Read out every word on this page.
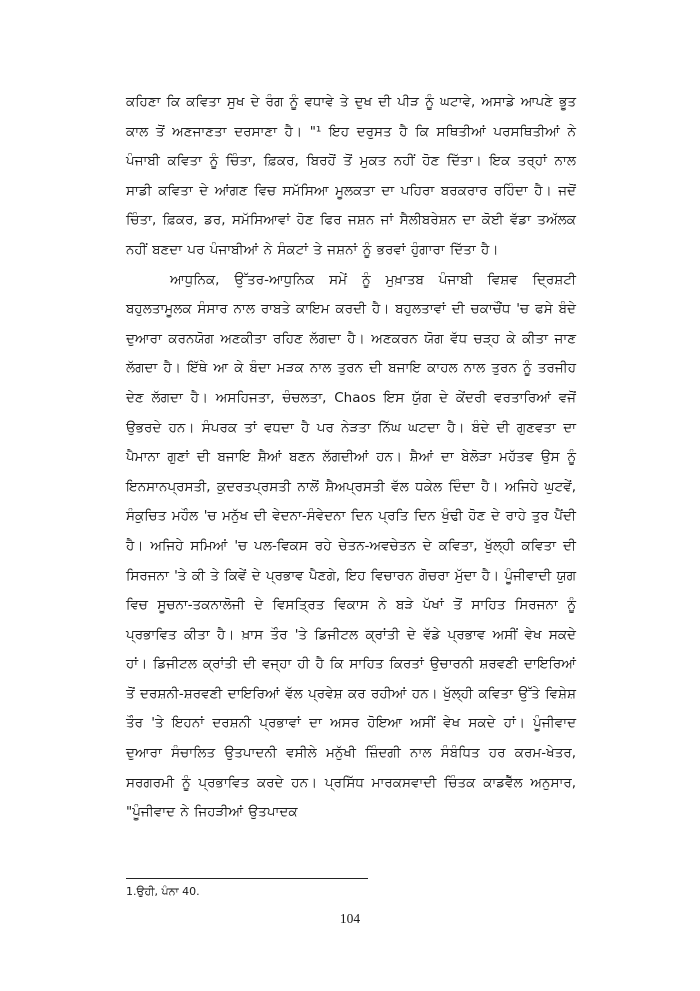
ਕਹਿਣਾ ਕਿ ਕਵਿਤਾ ਸੁਖ ਦੇ ਰੰਗ ਨੂੰ ਵਧਾਵੇ ਤੇ ਦੁਖ ਦੀ ਪੀੜ ਨੂੰ ਘਟਾਵੇ, ਅਸਾਡੇ ਆਪਣੇ ਭੂਤ ਕਾਲ ਤੋਂ ਅਣਜਾਣਤਾ ਦਰਸਾਣਾ ਹੈ। "¹ ਇਹ ਦਰੁਸਤ ਹੈ ਕਿ ਸਥਿਤੀਆਂ ਪਰਸਥਿਤੀਆਂ ਨੇ ਪੰਜਾਬੀ ਕਵਿਤਾ ਨੂੰ ਚਿੰਤਾ, ਫ਼ਿਕਰ, ਬਿਰਹੋਂ ਤੋਂ ਮੁਕਤ ਨਹੀਂ ਹੋਣ ਦਿੱਤਾ। ਇਕ ਤਰ੍ਹਾਂ ਨਾਲ ਸਾਡੀ ਕਵਿਤਾ ਦੇ ਆਂਗਣ ਵਿਚ ਸਮੱਸਿਆ ਮੂਲਕਤਾ ਦਾ ਪਹਿਰਾ ਬਰਕਰਾਰ ਰਹਿੰਦਾ ਹੈ। ਜਦੋਂ ਚਿੰਤਾ, ਫ਼ਿਕਰ, ਡਰ, ਸਮੱਸਿਆਵਾਂ ਹੋਣ ਫਿਰ ਜਸ਼ਨ ਜਾਂ ਸੈਲੀਬਰੇਸ਼ਨ ਦਾ ਕੋਈ ਵੱਡਾ ਤਅੱਲਕ ਨਹੀਂ ਬਣਦਾ ਪਰ ਪੰਜਾਬੀਆਂ ਨੇ ਸੰਕਟਾਂ ਤੇ ਜਸ਼ਨਾਂ ਨੂੰ ਭਰਵਾਂ ਹੁੰਗਾਰਾ ਦਿੱਤਾ ਹੈ।

ਆਧੁਨਿਕ, ਉੱਤਰ-ਆਧੁਨਿਕ ਸਮੇਂ ਨੂੰ ਮੁਖ਼ਾਤਬ ਪੰਜਾਬੀ ਵਿਸ਼ਵ ਦ੍ਰਿਸ਼ਟੀ ਬਹੁਲਤਾਮੂਲਕ ਸੰਸਾਰ ਨਾਲ ਰਾਬਤੇ ਕਾਇਮ ਕਰਦੀ ਹੈ। ਬਹੁਲਤਾਵਾਂ ਦੀ ਚਕਾਚੌਂਧ 'ਚ ਫਸੇ ਬੰਦੇ ਦੁਆਰਾ ਕਰਨਯੋਗ ਅਣਕੀਤਾ ਰਹਿਣ ਲੱਗਦਾ ਹੈ। ਅਣਕਰਨ ਯੋਗ ਵੱਧ ਚੜ੍ਹ ਕੇ ਕੀਤਾ ਜਾਣ ਲੱਗਦਾ ਹੈ। ਇੱਥੇ ਆ ਕੇ ਬੰਦਾ ਮੜਕ ਨਾਲ ਤੁਰਨ ਦੀ ਬਜਾਇ ਕਾਹਲ ਨਾਲ ਤੁਰਨ ਨੂੰ ਤਰਜੀਹ ਦੇਣ ਲੱਗਦਾ ਹੈ। ਅਸਹਿਜਤਾ, ਚੰਚਲਤਾ, Chaos ਇਸ ਯੁੱਗ ਦੇ ਕੇਂਦਰੀ ਵਰਤਾਰਿਆਂ ਵਜੋਂ ਉਭਰਦੇ ਹਨ। ਸੰਪਰਕ ਤਾਂ ਵਧਦਾ ਹੈ ਪਰ ਨੇੜਤਾ ਨਿੱਘ ਘਟਦਾ ਹੈ। ਬੰਦੇ ਦੀ ਗੁਣਵਤਾ ਦਾ ਪੈਮਾਨਾ ਗੁਣਾਂ ਦੀ ਬਜਾਇ ਸ਼ੈਆਂ ਬਣਨ ਲੱਗਦੀਆਂ ਹਨ। ਸ਼ੈਆਂ ਦਾ ਬੇਲੋੜਾ ਮਹੱਤਵ ਉਸ ਨੂੰ ਇਨਸਾਨਪ੍ਰਸਤੀ, ਕੁਦਰਤਪ੍ਰਸਤੀ ਨਾਲੋਂ ਸ਼ੈਅਪ੍ਰਸਤੀ ਵੱਲ ਧਕੇਲ ਦਿੰਦਾ ਹੈ। ਅਜਿਹੇ ਘੁਟਵੇਂ, ਸੰਕੁਚਿਤ ਮਹੌਲ 'ਚ ਮਨੁੱਖ ਦੀ ਵੇਦਨਾ-ਸੰਵੇਦਨਾ ਦਿਨ ਪ੍ਰਤਿ ਦਿਨ ਖੁੰਢੀ ਹੋਣ ਦੇ ਰਾਹੇ ਤੁਰ ਪੈਂਦੀ ਹੈ। ਅਜਿਹੇ ਸਮਿਆਂ 'ਚ ਪਲ-ਵਿਕਸ ਰਹੇ ਚੇਤਨ-ਅਵਚੇਤਨ ਦੇ ਕਵਿਤਾ, ਖੁੱਲ੍ਹੀ ਕਵਿਤਾ ਦੀ ਸਿਰਜਨਾ 'ਤੇ ਕੀ ਤੇ ਕਿਵੇਂ ਦੇ ਪ੍ਰਭਾਵ ਪੈਣਗੇ, ਇਹ ਵਿਚਾਰਨ ਗੋਚਰਾ ਮੁੱਦਾ ਹੈ। ਪੂੰਜੀਵਾਦੀ ਯੁਗ ਵਿਚ ਸੂਚਨਾ-ਤਕਨਾਲੋਜੀ ਦੇ ਵਿਸਤ੍ਰਿਤ ਵਿਕਾਸ ਨੇ ਬੜੇ ਪੱਖਾਂ ਤੋਂ ਸਾਹਿਤ ਸਿਰਜਨਾ ਨੂੰ ਪ੍ਰਭਾਵਿਤ ਕੀਤਾ ਹੈ। ਖ਼ਾਸ ਤੌਰ 'ਤੇ ਡਿਜੀਟਲ ਕ੍ਰਾਂਤੀ ਦੇ ਵੱਡੇ ਪ੍ਰਭਾਵ ਅਸੀਂ ਵੇਖ ਸਕਦੇ ਹਾਂ। ਡਿਜੀਟਲ ਕ੍ਰਾਂਤੀ ਦੀ ਵਜ੍ਹਾ ਹੀ ਹੈ ਕਿ ਸਾਹਿਤ ਕਿਰਤਾਂ ਉਚਾਰਨੀ ਸ਼ਰਵਣੀ ਦਾਇਰਿਆਂ ਤੋਂ ਦਰਸ਼ਨੀ-ਸ਼ਰਵਣੀ ਦਾਇਰਿਆਂ ਵੱਲ ਪ੍ਰਵੇਸ਼ ਕਰ ਰਹੀਆਂ ਹਨ। ਖੁੱਲ੍ਹੀ ਕਵਿਤਾ ਉੱਤੇ ਵਿਸ਼ੇਸ਼ ਤੌਰ 'ਤੇ ਇਹਨਾਂ ਦਰਸ਼ਨੀ ਪ੍ਰਭਾਵਾਂ ਦਾ ਅਸਰ ਹੋਇਆ ਅਸੀਂ ਵੇਖ ਸਕਦੇ ਹਾਂ। ਪੂੰਜੀਵਾਦ ਦੁਆਰਾ ਸੰਚਾਲਿਤ ਉਤਪਾਦਨੀ ਵਸੀਲੇ ਮਨੁੱਖੀ ਜ਼ਿੰਦਗੀ ਨਾਲ ਸੰਬੰਧਿਤ ਹਰ ਕਰਮ-ਖੇਤਰ, ਸਰਗਰਮੀ ਨੂੰ ਪ੍ਰਭਾਵਿਤ ਕਰਦੇ ਹਨ। ਪ੍ਰਸਿੱਧ ਮਾਰਕਸਵਾਦੀ ਚਿੰਤਕ ਕਾਡਵੈੱਲ ਅਨੁਸਾਰ, "ਪੂੰਜੀਵਾਦ ਨੇ ਜਿਹੜੀਆਂ ਉਤਪਾਦਕ

1.ਉਹੀ, ਪੰਨਾ 40.
104
